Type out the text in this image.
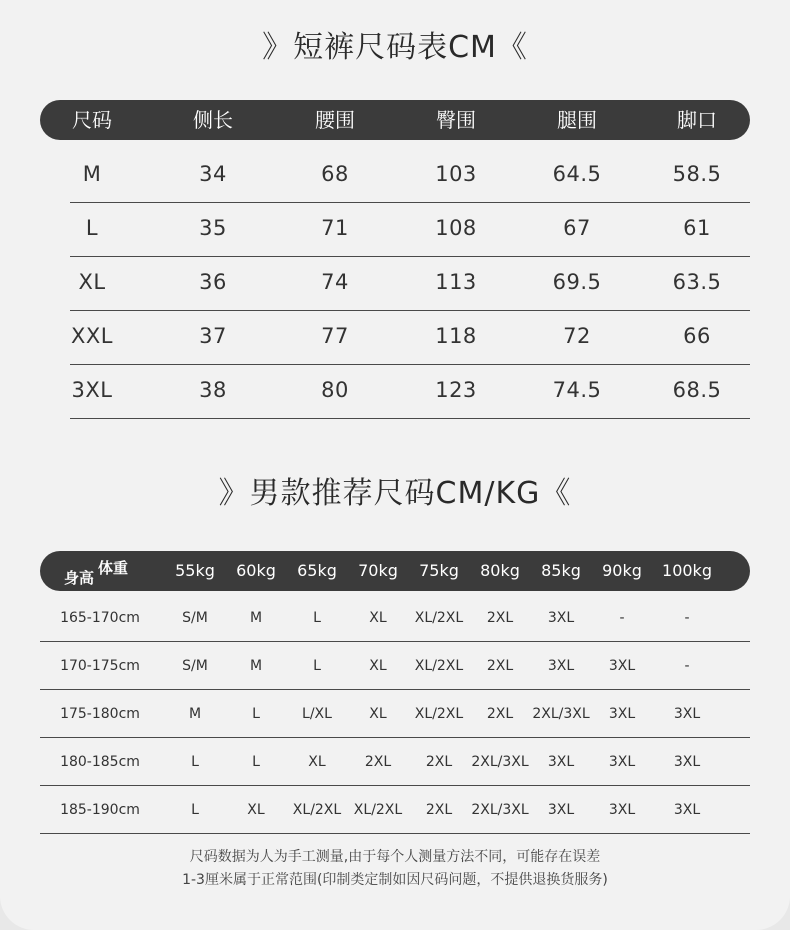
》短裤尺码表CM《
尺码	侧长	腰围	臀围	腿围	脚口
M	34	68	103	64.5	58.5
L	35	71	108	67	61
XL	36	74	113	69.5	63.5
XXL	37	77	118	72	66
3XL	38	80	123	74.5	68.5
》男款推荐尺码CM/KG《
身高
体重	55kg	60kg	65kg	70kg	75kg	80kg	85kg	90kg	100kg
165-170cm	S/M	M	L	XL	XL/2XL	2XL	3XL	-	-
170-175cm	S/M	M	L	XL	XL/2XL	2XL	3XL	3XL	-
175-180cm	M	L	L/XL	XL	XL/2XL	2XL	2XL/3XL	3XL	3XL
180-185cm	L	L	XL	2XL	2XL	2XL/3XL	3XL	3XL	3XL
185-190cm	L	XL	XL/2XL XL/2XL	2XL	2XL/3XL	3XL	3XL	3XL
尺码数据为人为手工测量,由于每个人测量方法不同，可能存在误差
1-3厘米属于正常范围(印制类定制如因尺码问题，不提供退换货服务)
